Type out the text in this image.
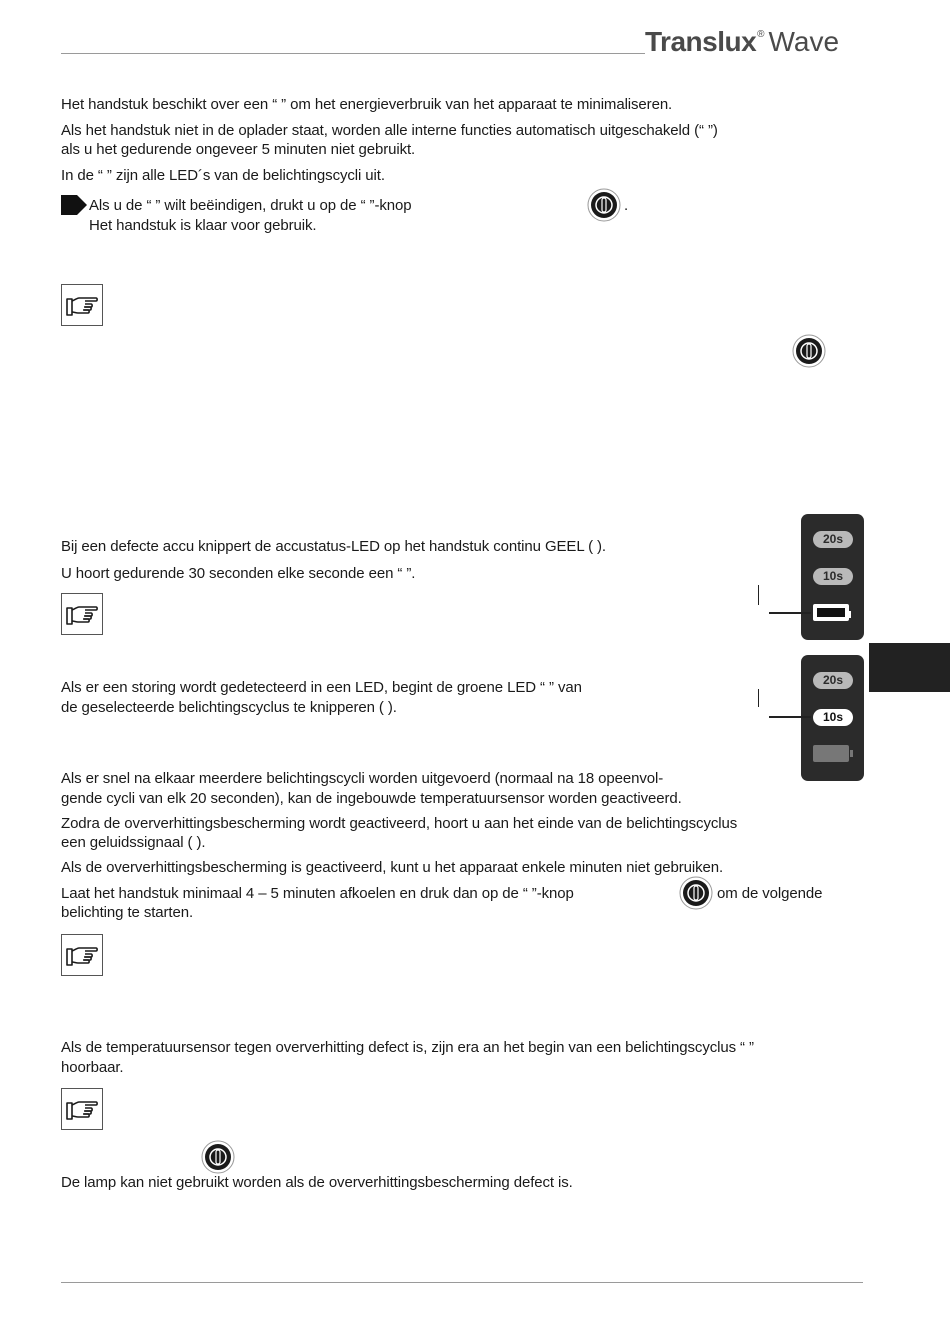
Translux® Wave
Het handstuk beschikt over een “ ” om het energieverbruik van het apparaat te minimaliseren.
Als het handstuk niet in de oplader staat, worden alle interne functies automatisch uitgeschakeld (“ ”)
als u het gedurende ongeveer 5 minuten niet gebruikt.
In de “ ” zijn alle LED´s van de belichtingscycli uit.
Als u de “ ” wilt beëindigen, drukt u op de “ ”-knop	.
Het handstuk is klaar voor gebruik.
Bij een defecte accu knippert de accustatus-LED op het handstuk continu GEEL ( ).
U hoort gedurende 30 seconden elke seconde een “ ”.
20s
10s
Als er een storing wordt gedetecteerd in een LED, begint de groene LED “ ” van
de geselecteerde belichtingscyclus te knipperen ( ).
20s
10s
Als er snel na elkaar meerdere belichtingscycli worden uitgevoerd (normaal na 18 opeenvol-
gende cycli van elk 20 seconden), kan de ingebouwde temperatuursensor worden geactiveerd.
Zodra de oververhittingsbescherming wordt geactiveerd, hoort u aan het einde van de belichtingscyclus
een geluidssignaal ( ).
Als de oververhittingsbescherming is geactiveerd, kunt u het apparaat enkele minuten niet gebruiken.
Laat het handstuk minimaal 4 – 5 minuten afkoelen en druk dan op de “ ”-knop	om de volgende
belichting te starten.
Als de temperatuursensor tegen oververhitting defect is, zijn era an het begin van een belichtingscyclus “ ”
hoorbaar.
De lamp kan niet gebruikt worden als de oververhittingsbescherming defect is.
